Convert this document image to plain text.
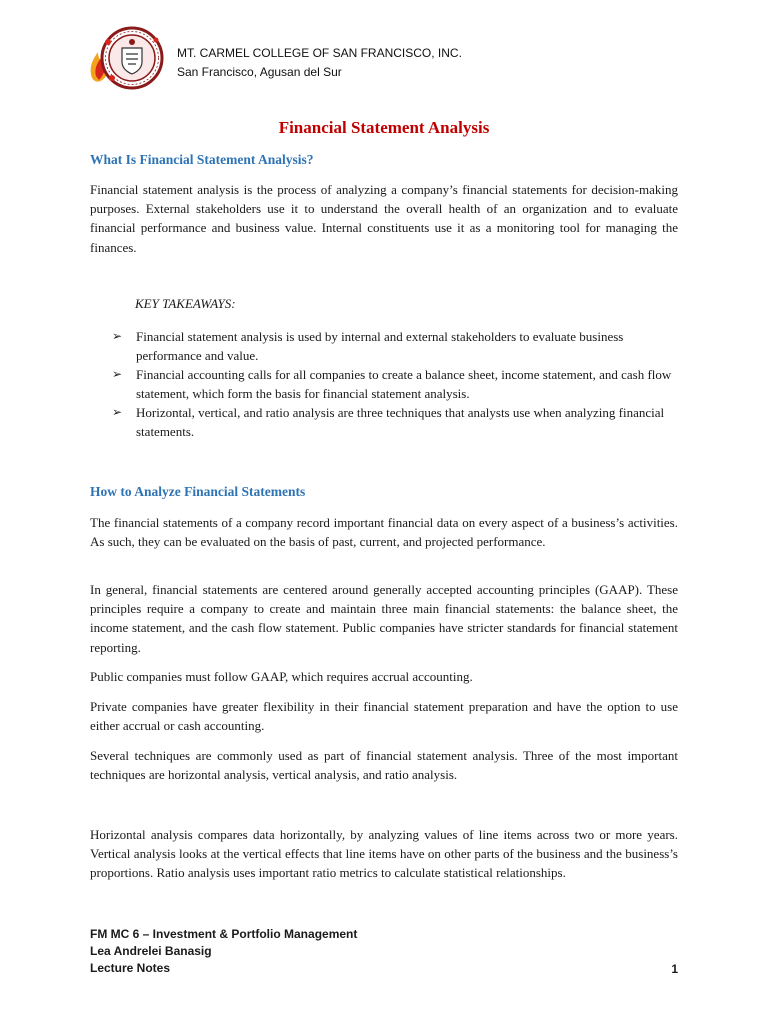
MT. CARMEL COLLEGE OF SAN FRANCISCO, INC.
San Francisco, Agusan del Sur
Financial Statement Analysis
What Is Financial Statement Analysis?

Financial statement analysis is the process of analyzing a company’s financial statements for decision-making purposes. External stakeholders use it to understand the overall health of an organization and to evaluate financial performance and business value. Internal constituents use it as a monitoring tool for managing the finances.

KEY TAKEAWAYS:
➢ Financial statement analysis is used by internal and external stakeholders to evaluate business performance and value.
➢ Financial accounting calls for all companies to create a balance sheet, income statement, and cash flow statement, which form the basis for financial statement analysis.
➢ Horizontal, vertical, and ratio analysis are three techniques that analysts use when analyzing financial statements.
How to Analyze Financial Statements

The financial statements of a company record important financial data on every aspect of a business’s activities. As such, they can be evaluated on the basis of past, current, and projected performance.

In general, financial statements are centered around generally accepted accounting principles (GAAP). These principles require a company to create and maintain three main financial statements: the balance sheet, the income statement, and the cash flow statement. Public companies have stricter standards for financial statement reporting.

Public companies must follow GAAP, which requires accrual accounting.

Private companies have greater flexibility in their financial statement preparation and have the option to use either accrual or cash accounting.

Several techniques are commonly used as part of financial statement analysis. Three of the most important techniques are horizontal analysis, vertical analysis, and ratio analysis.

Horizontal analysis compares data horizontally, by analyzing values of line items across two or more years. Vertical analysis looks at the vertical effects that line items have on other parts of the business and the business’s proportions. Ratio analysis uses important ratio metrics to calculate statistical relationships.

FM MC 6 – Investment & Portfolio Management
Lea Andrelei Banasig
Lecture Notes	1
